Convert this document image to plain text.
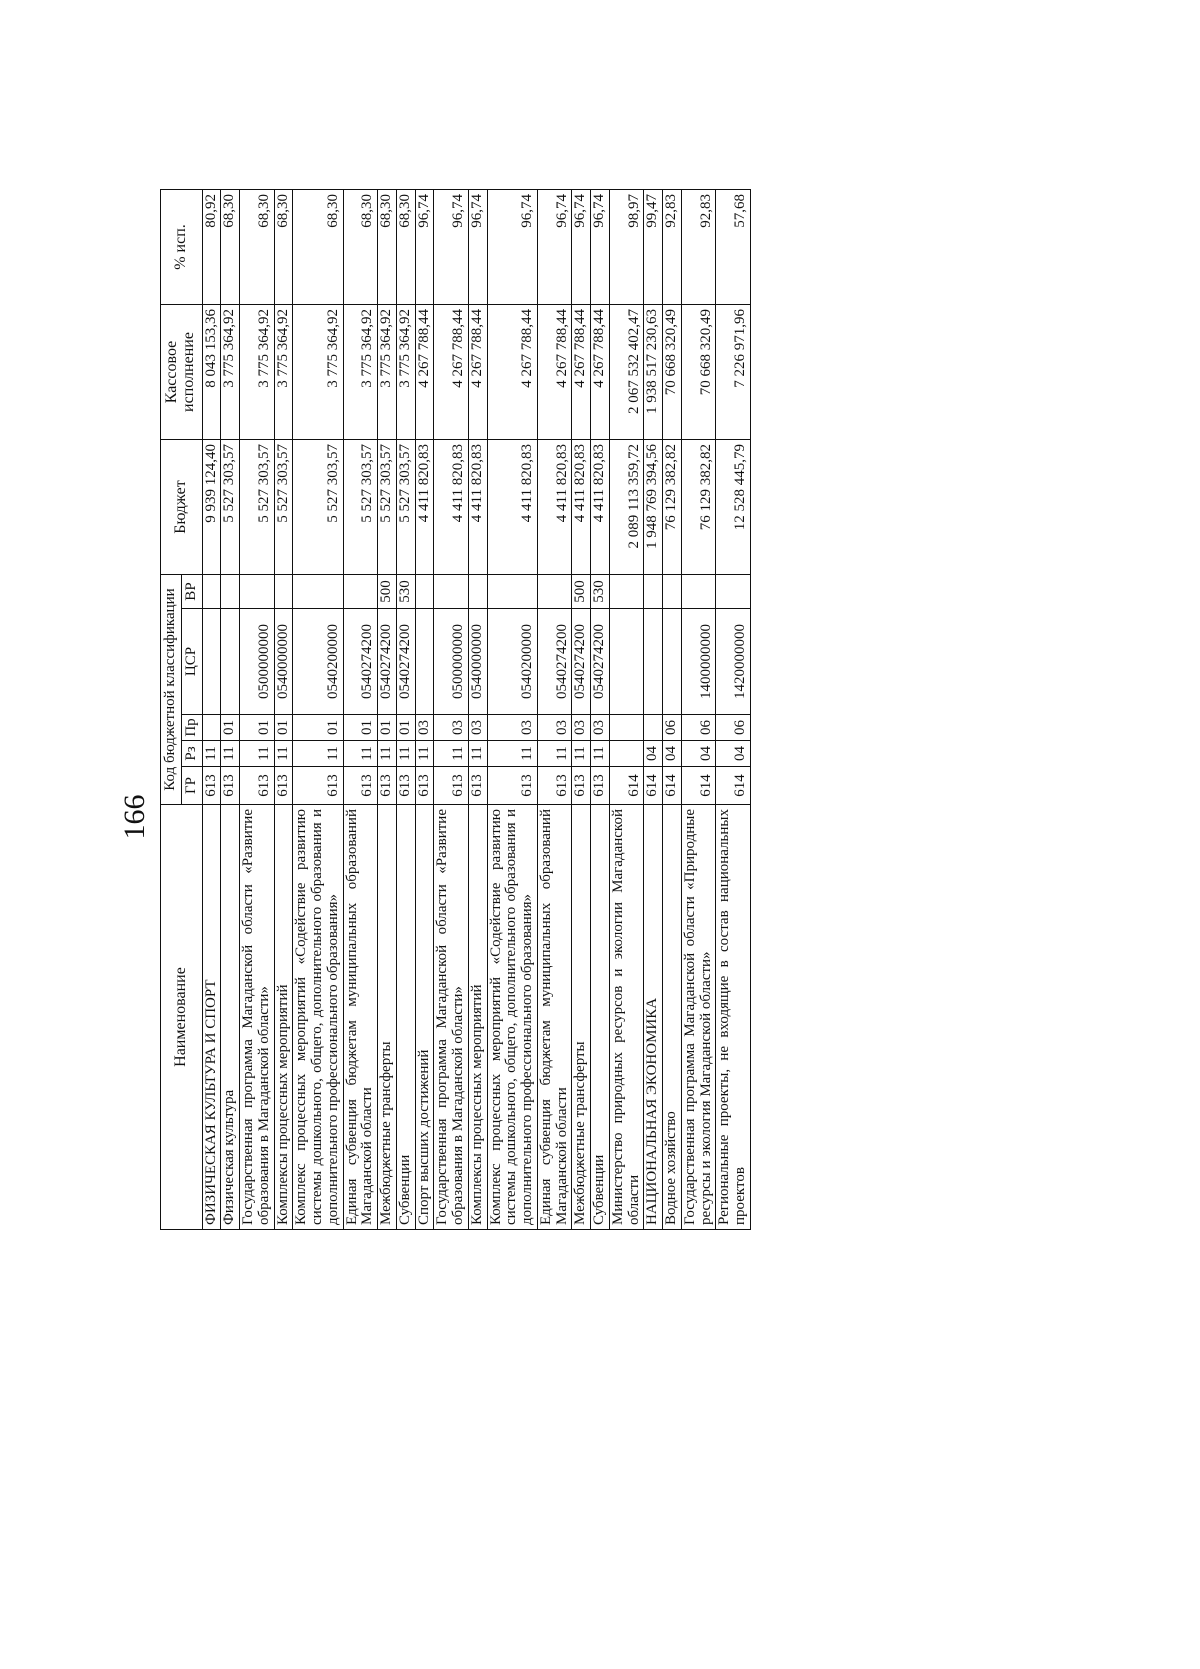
166
Наименование	Код бюджетной классификации					Бюджет	Кассовое исполнение	% исп.
	ГР	Рз	Пр	ЦСР	ВР			
ФИЗИЧЕСКАЯ КУЛЬТУРА И СПОРТ	613	11				9 939 124,40	8 043 153,36	80,92
Физическая культура	613	11	01			5 527 303,57	3 775 364,92	68,30
Государственная программа Магаданской области «Развитие образования в Магаданской области»	613	11	01	0500000000		5 527 303,57	3 775 364,92	68,30
Комплексы процессных мероприятий	613	11	01	0540000000		5 527 303,57	3 775 364,92	68,30
Комплекс процессных мероприятий «Содействие развитию системы дошкольного, общего, дополнительного образования и дополнительного профессионального образования»	613	11	01	0540200000		5 527 303,57	3 775 364,92	68,30
Единая субвенция бюджетам муниципальных образований Магаданской области	613	11	01	0540274200		5 527 303,57	3 775 364,92	68,30
Межбюджетные трансферты	613	11	01	0540274200	500	5 527 303,57	3 775 364,92	68,30
Субвенции	613	11	01	0540274200	530	5 527 303,57	3 775 364,92	68,30
Спорт высших достижений	613	11	03			4 411 820,83	4 267 788,44	96,74
Государственная программа Магаданской области «Развитие образования в Магаданской области»	613	11	03	0500000000		4 411 820,83	4 267 788,44	96,74
Комплексы процессных мероприятий	613	11	03	0540000000		4 411 820,83	4 267 788,44	96,74
Комплекс процессных мероприятий «Содействие развитию системы дошкольного, общего, дополнительного образования и дополнительного профессионального образования»	613	11	03	0540200000		4 411 820,83	4 267 788,44	96,74
Единая субвенция бюджетам муниципальных образований Магаданской области	613	11	03	0540274200		4 411 820,83	4 267 788,44	96,74
Межбюджетные трансферты	613	11	03	0540274200	500	4 411 820,83	4 267 788,44	96,74
Субвенции	613	11	03	0540274200	530	4 411 820,83	4 267 788,44	96,74
Министерство природных ресурсов и экологии Магаданской области	614					2 089 113 359,72	2 067 532 402,47	98,97
НАЦИОНАЛЬНАЯ ЭКОНОМИКА	614	04				1 948 769 394,56	1 938 517 230,63	99,47
Водное хозяйство	614	04	06			76 129 382,82	70 668 320,49	92,83
Государственная программа Магаданской области «Природные ресурсы и экология Магаданской области»	614	04	06	1400000000		76 129 382,82	70 668 320,49	92,83
Региональные проекты, не входящие в состав национальных проектов	614	04	06	1420000000		12 528 445,79	7 226 971,96	57,68
